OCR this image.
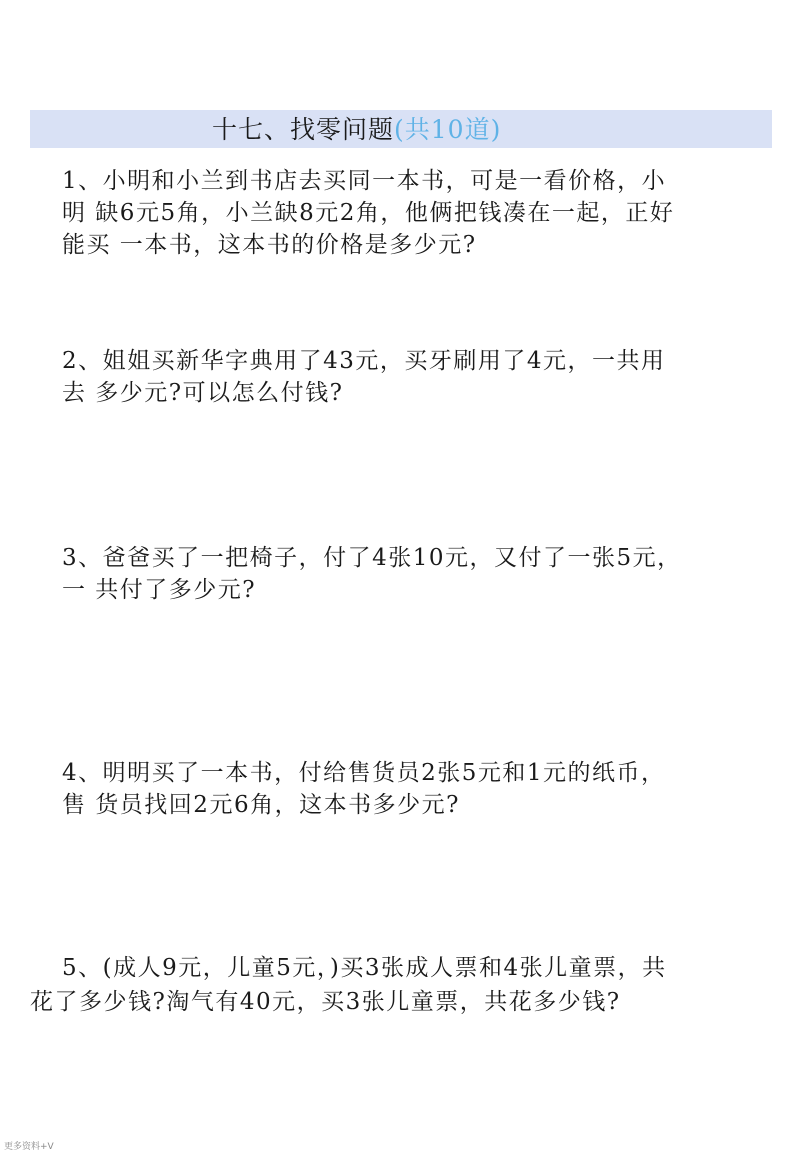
十七、找零问题(共10道)
1、小明和小兰到书店去买同一本书，可是一看价格，小
明 缺6元5角，小兰缺8元2角，他俩把钱凑在一起，正好
能买 一本书，这本书的价格是多少元?
2、姐姐买新华字典用了43元，买牙刷用了4元，一共用
去 多少元?可以怎么付钱?
3、爸爸买了一把椅子，付了4张10元，又付了一张5元，
一 共付了多少元?
4、明明买了一本书，付给售货员2张5元和1元的纸币，
售 货员找回2元6角，这本书多少元?
5、(成人9元，儿童5元，)买3张成人票和4张儿童票，共
花了多少钱?淘气有40元，买3张儿童票，共花多少钱?
更多资料+V
